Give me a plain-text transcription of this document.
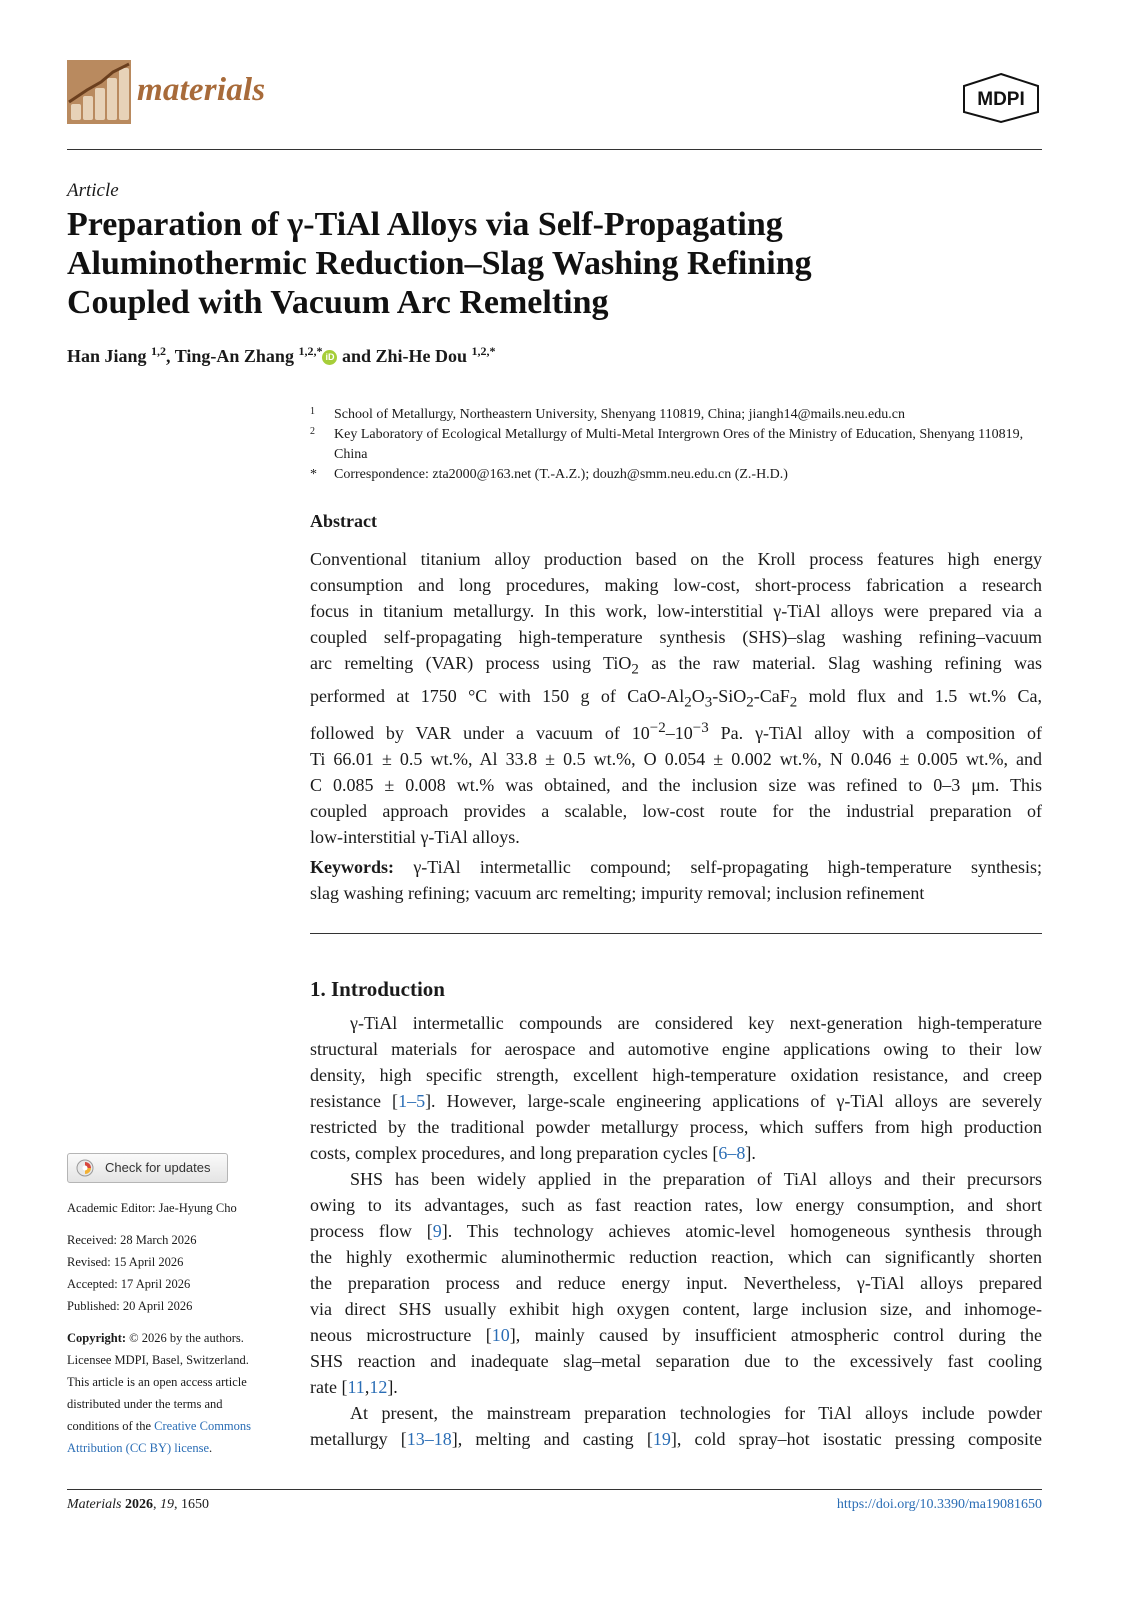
materials	MDPI
Article
Preparation of γ-TiAl Alloys via Self-Propagating
Aluminothermic Reduction–Slag Washing Refining
Coupled with Vacuum Arc Remelting
Han Jiang $^{1,2}$, Ting-An Zhang $^{1,2,*}$ iD and Zhi-He Dou $^{1,2,*}$
1 School of Metallurgy, Northeastern University, Shenyang 110819, China; jiangh14@mails.neu.edu.cn
2 Key Laboratory of Ecological Metallurgy of Multi-Metal Intergrown Ores of the Ministry of Education, Shenyang 110819, China
* Correspondence: zta2000@163.net (T.-A.Z.); douzh@smm.neu.edu.cn (Z.-H.D.)
Abstract
Conventional titanium alloy production based on the Kroll process features high energy
consumption and long procedures, making low-cost, short-process fabrication a research
focus in titanium metallurgy. In this work, low-interstitial γ-TiAl alloys were prepared via a
coupled self-propagating high-temperature synthesis (SHS)–slag washing refining–vacuum
arc remelting (VAR) process using TiO$_2$ as the raw material. Slag washing refining was
performed at 1750 °C with 150 g of CaO-$Al_2O_3-SiO_2-CaF_2$ mold flux and 1.5 wt.% Ca,
followed by VAR under a vacuum of $10^{-2}-10^{-3}$ Pa. γ-TiAl alloy with a composition of
Ti 66.01 ± 0.5 wt.%, Al 33.8 ± 0.5 wt.%, O 0.054 ± 0.002 wt.%, N 0.046 ± 0.005 wt.%, and
C 0.085 ± 0.008 wt.% was obtained, and the inclusion size was refined to 0–3 μm. This
coupled approach provides a scalable, low-cost route for the industrial preparation of
low-interstitial γ-TiAl alloys.
Keywords: γ-TiAl intermetallic compound; self-propagating high-temperature synthesis;
slag washing refining; vacuum arc remelting; impurity removal; inclusion refinement
1. Introduction
γ-TiAl intermetallic compounds are considered key next-generation high-temperature
structural materials for aerospace and automotive engine applications owing to their low
density, high specific strength, excellent high-temperature oxidation resistance, and creep
resistance [1–5]. However, large-scale engineering applications of γ-TiAl alloys are severely
restricted by the traditional powder metallurgy process, which suffers from high production
costs, complex procedures, and long preparation cycles [6–8].
SHS has been widely applied in the preparation of TiAl alloys and their precursors
owing to its advantages, such as fast reaction rates, low energy consumption, and short
process flow [9]. This technology achieves atomic-level homogeneous synthesis through
the highly exothermic aluminothermic reduction reaction, which can significantly shorten
the preparation process and reduce energy input. Nevertheless, γ-TiAl alloys prepared
via direct SHS usually exhibit high oxygen content, large inclusion size, and inhomoge-
neous microstructure [10], mainly caused by insufficient atmospheric control during the
SHS reaction and inadequate slag–metal separation due to the excessively fast cooling
rate [11,12].
At present, the mainstream preparation technologies for TiAl alloys include powder
metallurgy [13–18], melting and casting [19], cold spray–hot isostatic pressing composite
Check for updates
Academic Editor: Jae-Hyung Cho
Received: 28 March 2026
Revised: 15 April 2026
Accepted: 17 April 2026
Published: 20 April 2026
Copyright: © 2026 by the authors.
Licensee MDPI, Basel, Switzerland.
This article is an open access article
distributed under the terms and
conditions of the Creative Commons
Attribution (CC BY) license.
Materials 2026, 19, 1650	https://doi.org/10.3390/ma19081650
